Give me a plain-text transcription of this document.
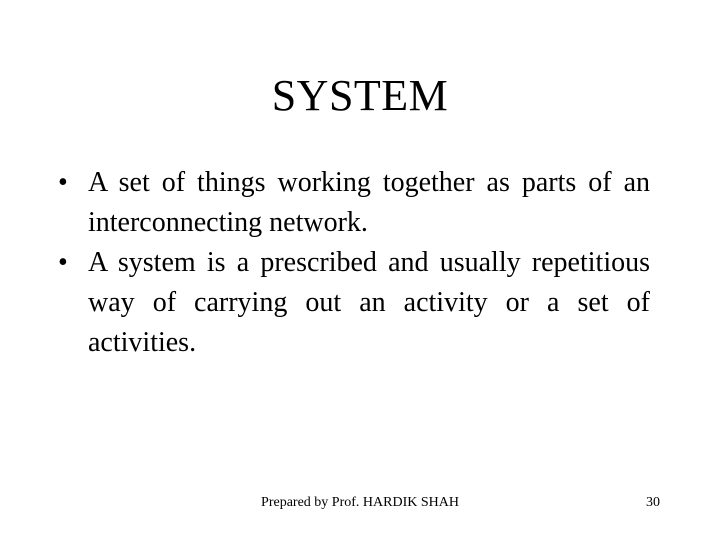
SYSTEM
• A set of things working together as parts of an interconnecting network.
• A system is a prescribed and usually repetitious way of carrying out an activity or a set of activities.
Prepared by Prof. HARDIK SHAH	30
